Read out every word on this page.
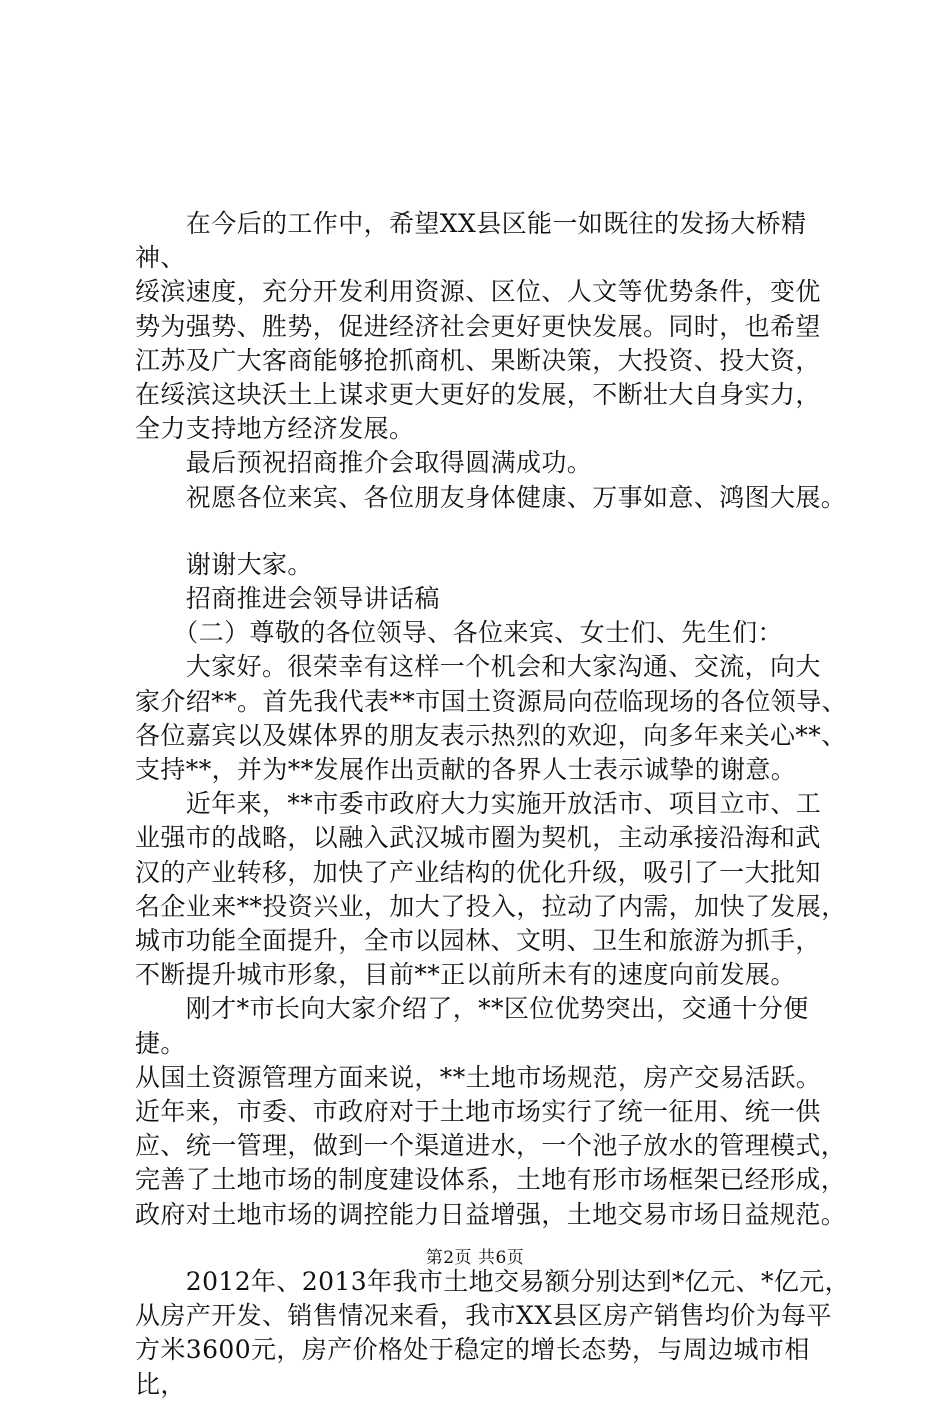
　　在今后的工作中，希望XX县区能一如既往的发扬大桥精神、

绥滨速度，充分开发利用资源、区位、人文等优势条件，变优

势为强势、胜势，促进经济社会更好更快发展。同时，也希望

江苏及广大客商能够抢抓商机、果断决策，大投资、投大资，

在绥滨这块沃土上谋求更大更好的发展，不断壮大自身实力，

全力支持地方经济发展。

　　最后预祝招商推介会取得圆满成功。

　　祝愿各位来宾、各位朋友身体健康、万事如意、鸿图大展。

　　谢谢大家。

　　招商推进会领导讲话稿

　　（二）尊敬的各位领导、各位来宾、女士们、先生们：

　　大家好。很荣幸有这样一个机会和大家沟通、交流，向大

家介绍**。首先我代表**市国土资源局向莅临现场的各位领导、

各位嘉宾以及媒体界的朋友表示热烈的欢迎，向多年来关心**、

支持**，并为**发展作出贡献的各界人士表示诚挚的谢意。

　　近年来，**市委市政府大力实施开放活市、项目立市、工

业强市的战略，以融入武汉城市圈为契机，主动承接沿海和武

汉的产业转移，加快了产业结构的优化升级，吸引了一大批知

名企业来**投资兴业，加大了投入，拉动了内需，加快了发展，

城市功能全面提升，全市以园林、文明、卫生和旅游为抓手，

不断提升城市形象，目前**正以前所未有的速度向前发展。

　　刚才*市长向大家介绍了，**区位优势突出，交通十分便捷。

从国土资源管理方面来说，**土地市场规范，房产交易活跃。

近年来，市委、市政府对于土地市场实行了统一征用、统一供

应、统一管理，做到一个渠道进水，一个池子放水的管理模式，

完善了土地市场的制度建设体系，土地有形市场框架已经形成，

政府对土地市场的调控能力日益增强，土地交易市场日益规范。

　　2012年、2013年我市土地交易额分别达到*亿元、*亿元，

从房产开发、销售情况来看，我市XX县区房产销售均价为每平

方米3600元，房产价格处于稳定的增长态势，与周边城市相比，

第2页 共6页
